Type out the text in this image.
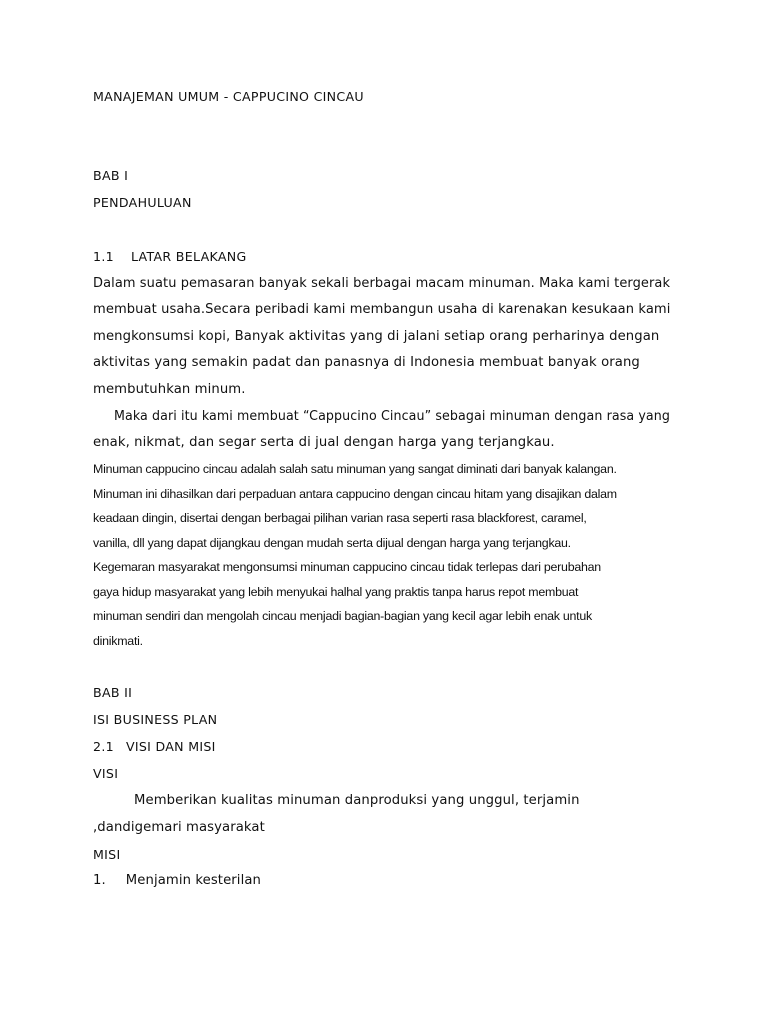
MANAJEMAN UMUM - CAPPUCINO CINCAU

BAB I

PENDAHULUAN

1.1 LATAR BELAKANG

Dalam suatu pemasaran banyak sekali berbagai macam minuman. Maka kami tergerak

membuat usaha.Secara peribadi kami membangun usaha di karenakan kesukaan kami

mengkonsumsi kopi, Banyak aktivitas yang di jalani setiap orang perharinya dengan

aktivitas yang semakin padat dan panasnya di Indonesia membuat banyak orang

membutuhkan minum.

Maka dari itu kami membuat “Cappucino Cincau” sebagai minuman dengan rasa yang

enak, nikmat, dan segar serta di jual dengan harga yang terjangkau.

Minuman cappucino cincau adalah salah satu minuman yang sangat diminati dari banyak kalangan.

Minuman ini dihasilkan dari perpaduan antara cappucino dengan cincau hitam yang disajikan dalam

keadaan dingin, disertai dengan berbagai pilihan varian rasa seperti rasa blackforest, caramel,

vanilla, dll yang dapat dijangkau dengan mudah serta dijual dengan harga yang terjangkau.

Kegemaran masyarakat mengonsumsi minuman cappucino cincau tidak terlepas dari perubahan

gaya hidup masyarakat yang lebih menyukai halhal yang praktis tanpa harus repot membuat

minuman sendiri dan mengolah cincau menjadi bagian-bagian yang kecil agar lebih enak untuk

dinikmati.

BAB II

ISI BUSINESS PLAN

2.1 VISI DAN MISI

VISI

Memberikan kualitas minuman danproduksi yang unggul, terjamin

,dandigemari masyarakat

MISI

1. Menjamin kesterilan
